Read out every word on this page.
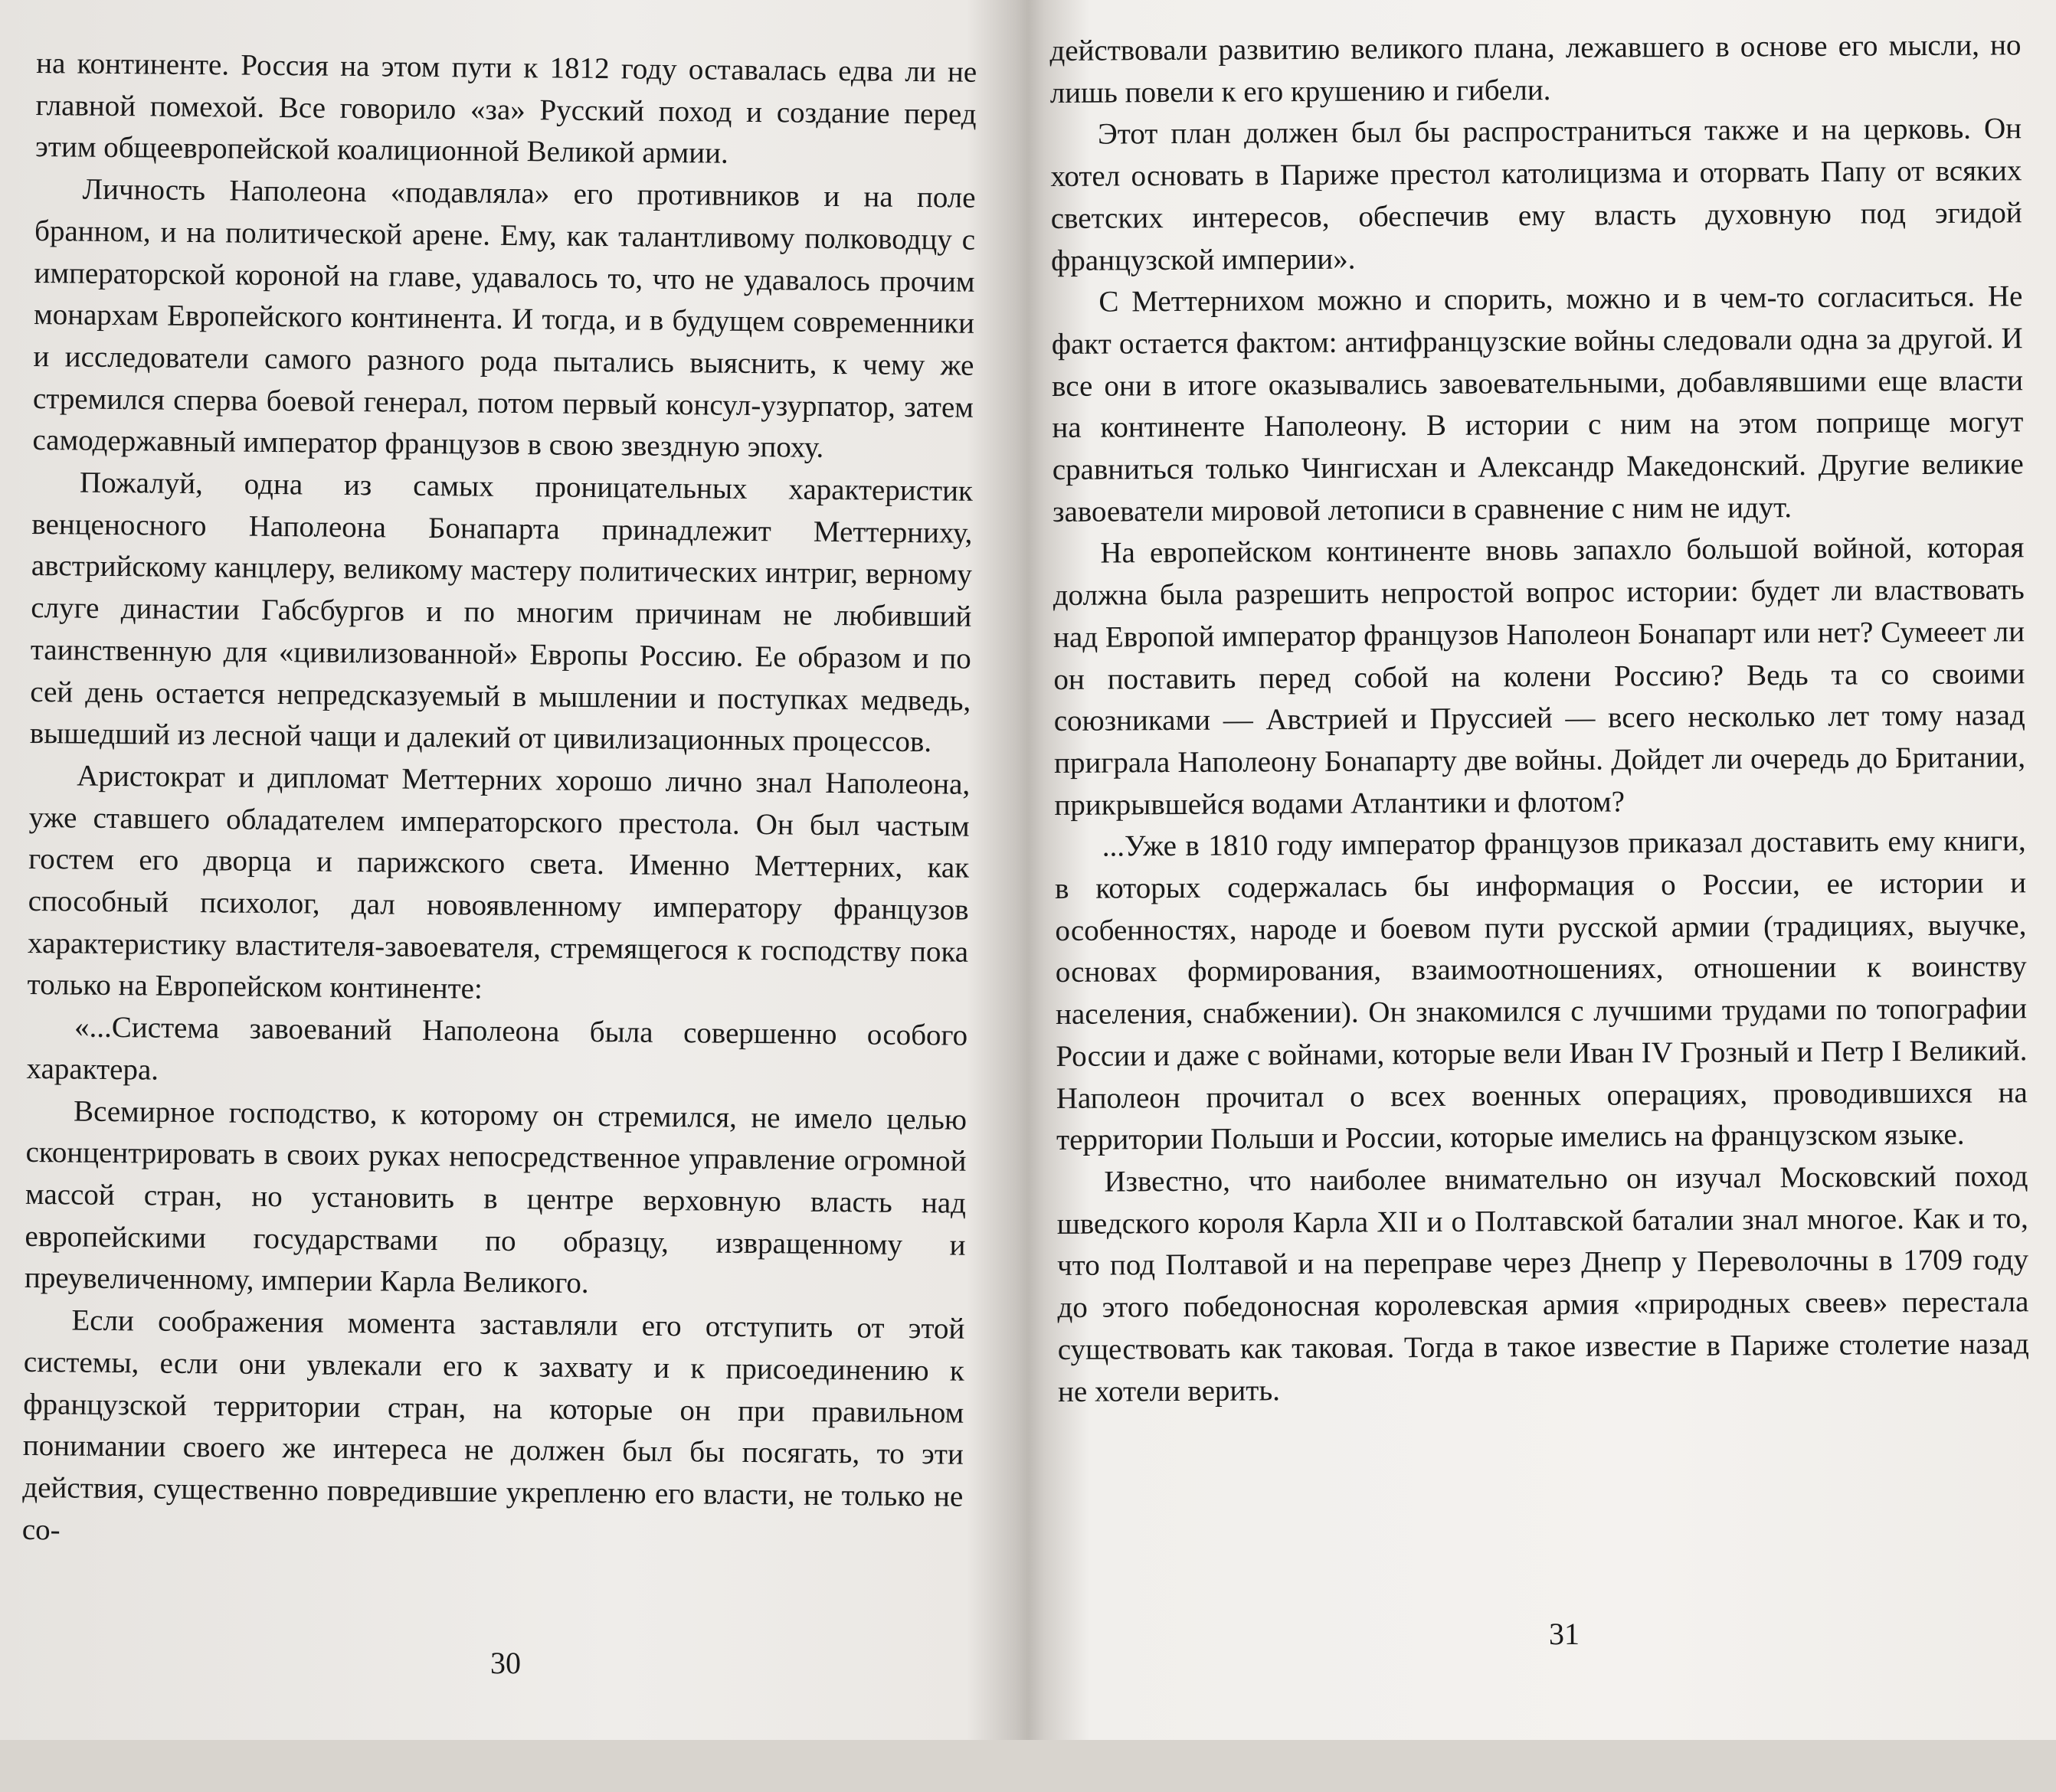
на континенте. Россия на этом пути к 1812 году оставалась едва ли не главной помехой. Все говорило «за» Русский поход и создание перед этим общеевропейской коалиционной Великой армии.

Личность Наполеона «подавляла» его противников и на поле бранном, и на политической арене. Ему, как талантливому полководцу с императорской короной на главе, удавалось то, что не удавалось прочим монархам Европейского континента. И тогда, и в будущем современники и исследователи самого разного рода пытались выяснить, к чему же стремился сперва боевой генерал, потом первый консул-узурпатор, затем самодержавный император французов в свою звездную эпоху.

Пожалуй, одна из самых проницательных характеристик венценосного Наполеона Бонапарта принадлежит Меттерниху, австрийскому канцлеру, великому мастеру политических интриг, верному слуге династии Габсбургов и по многим причинам не любивший таинственную для «цивилизованной» Европы Россию. Ее образом и по сей день остается непредсказуемый в мышлении и поступках медведь, вышедший из лесной чащи и далекий от цивилизационных процессов.

Аристократ и дипломат Меттерних хорошо лично знал Наполеона, уже ставшего обладателем императорского престола. Он был частым гостем его дворца и парижского света. Именно Меттерних, как способный психолог, дал новоявленному императору французов характеристику властителя-завоевателя, стремящегося к господству пока только на Европейском континенте:

«...Система завоеваний Наполеона была совершенно особого характера.

Всемирное господство, к которому он стремился, не имело целью сконцентрировать в своих руках непосредственное управление огромной массой стран, но установить в центре верховную власть над европейскими государствами по образцу, извращенному и преувеличенному, империи Карла Великого.

Если соображения момента заставляли его отступить от этой системы, если они увлекали его к захвату и к присоединению к французской территории стран, на которые он при правильном понимании своего же интереса не должен был бы посягать, то эти действия, существенно повредившие укрепленю его власти, не только не со-

30

действовали развитию великого плана, лежавшего в основе его мысли, но лишь повели к его крушению и гибели.

Этот план должен был бы распространиться также и на церковь. Он хотел основать в Париже престол католицизма и оторвать Папу от всяких светских интересов, обеспечив ему власть духовную под эгидой французской империи».

С Меттернихом можно и спорить, можно и в чем-то согласиться. Не факт остается фактом: антифранцузские войны следовали одна за другой. И все они в итоге оказывались завоевательными, добавлявшими еще власти на континенте Наполеону. В истории с ним на этом поприще могут сравниться только Чингисхан и Александр Македонский. Другие великие завоеватели мировой летописи в сравнение с ним не идут.

На европейском континенте вновь запахло большой войной, которая должна была разрешить непростой вопрос истории: будет ли властвовать над Европой император французов Наполеон Бонапарт или нет? Сумеeет ли он поставить перед собой на колени Россию? Ведь та со своими союзниками — Австрией и Пруссией — всего несколько лет тому назад приграла Наполеону Бонапарту две войны. Дойдет ли очередь до Британии, прикрывшейся водами Атлантики и флотом?

...Уже в 1810 году император французов приказал доставить ему книги, в которых содержалась бы информация о России, ее истории и особенностях, народе и боевом пути русской армии (традициях, выучке, основах формирования, взаимоотношениях, отношении к воинству населения, снабжении). Он знакомился с лучшими трудами по топографии России и даже с войнами, которые вели Иван IV Грозный и Петр I Великий. Наполеон прочитал о всех военных операциях, проводившихся на территории Польши и России, которые имелись на французском языке.

Известно, что наиболее внимательно он изучал Московский поход шведского короля Карла XII и о Полтавской баталии знал многое. Как и то, что под Полтавой и на переправе через Днепр у Переволочны в 1709 году до этого победоносная королевская армия «природных свеев» перестала существовать как таковая. Тогда в такое известие в Париже столетие назад не хотели верить.

31
